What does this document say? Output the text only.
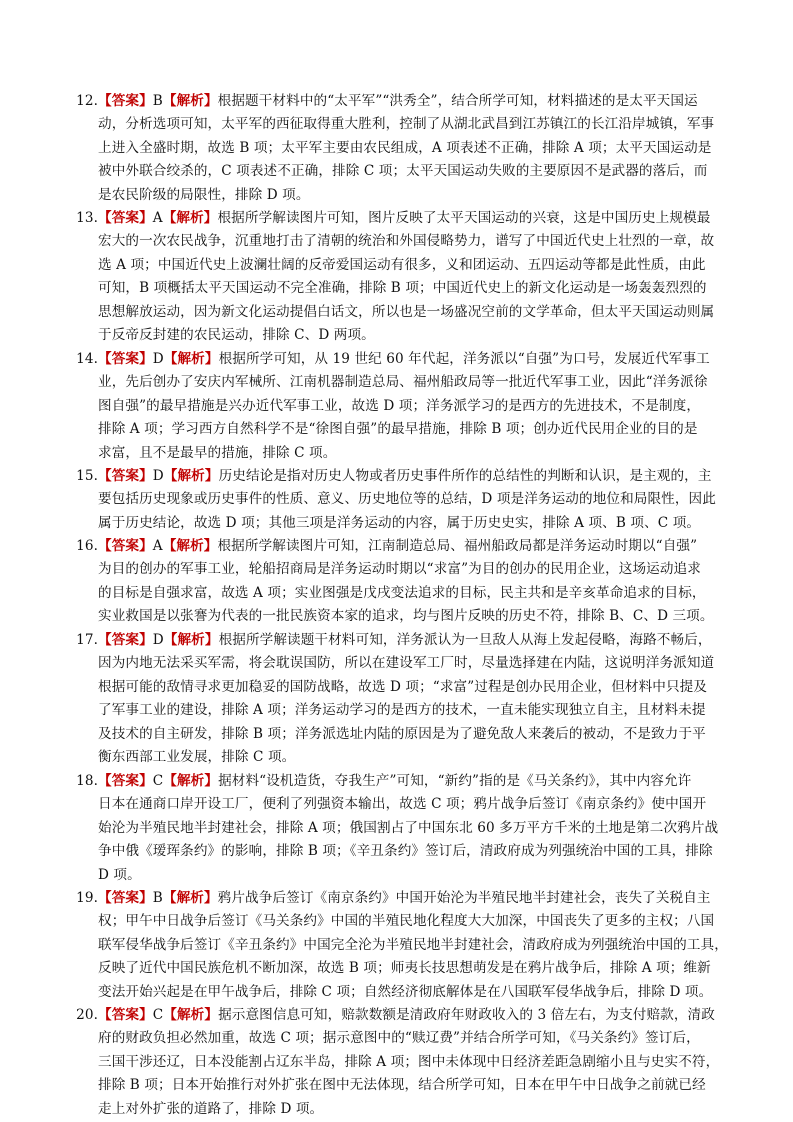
12. 【答案】B【解析】根据题干材料中的“太平军”“洪秀全”，结合所学可知，材料描述的是太平天国运
动，分析选项可知，太平军的西征取得重大胜利，控制了从湖北武昌到江苏镇江的长江沿岸城镇，军事
上进入全盛时期，故选 B 项；太平军主要由农民组成，A 项表述不正确，排除 A 项；太平天国运动是
被中外联合绞杀的，C 项表述不正确，排除 C 项；太平天国运动失败的主要原因不是武器的落后，而
是农民阶级的局限性，排除 D 项。
13. 【答案】A【解析】根据所学解读图片可知，图片反映了太平天国运动的兴衰，这是中国历史上规模最
宏大的一次农民战争，沉重地打击了清朝的统治和外国侵略势力，谱写了中国近代史上壮烈的一章，故
选 A 项；中国近代史上波澜壮阔的反帝爱国运动有很多，义和团运动、五四运动等都是此性质，由此
可知，B 项概括太平天国运动不完全准确，排除 B 项；中国近代史上的新文化运动是一场轰轰烈烈的
思想解放运动，因为新文化运动提倡白话文，所以也是一场盛况空前的文学革命，但太平天国运动则属
于反帝反封建的农民运动，排除 C、D 两项。
14. 【答案】D【解析】根据所学可知，从 19 世纪 60 年代起，洋务派以“自强”为口号，发展近代军事工
业，先后创办了安庆内军械所、江南机器制造总局、福州船政局等一批近代军事工业，因此“洋务派徐
图自强”的最早措施是兴办近代军事工业，故选 D 项；洋务派学习的是西方的先进技术，不是制度，
排除 A 项；学习西方自然科学不是“徐图自强”的最早措施，排除 B 项；创办近代民用企业的目的是
求富，且不是最早的措施，排除 C 项。
15. 【答案】D【解析】历史结论是指对历史人物或者历史事件所作的总结性的判断和认识，是主观的，主
要包括历史现象或历史事件的性质、意义、历史地位等的总结，D 项是洋务运动的地位和局限性，因此
属于历史结论，故选 D 项；其他三项是洋务运动的内容，属于历史史实，排除 A 项、B 项、C 项。
16. 【答案】A【解析】根据所学解读图片可知，江南制造总局、福州船政局都是洋务运动时期以“自强”
为目的创办的军事工业，轮船招商局是洋务运动时期以“求富”为目的创办的民用企业，这场运动追求
的目标是自强求富，故选 A 项；实业图强是戊戌变法追求的目标，民主共和是辛亥革命追求的目标，
实业救国是以张謇为代表的一批民族资本家的追求，均与图片反映的历史不符，排除 B、C、D 三项。
17. 【答案】D【解析】根据所学解读题干材料可知，洋务派认为一旦敌人从海上发起侵略，海路不畅后，
因为内地无法采买军需，将会耽误国防，所以在建设军工厂时，尽量选择建在内陆，这说明洋务派知道
根据可能的敌情寻求更加稳妥的国防战略，故选 D 项；“求富”过程是创办民用企业，但材料中只提及
了军事工业的建设，排除 A 项；洋务运动学习的是西方的技术，一直未能实现独立自主，且材料未提
及技术的自主研发，排除 B 项；洋务派选址内陆的原因是为了避免敌人来袭后的被动，不是致力于平
衡东西部工业发展，排除 C 项。
18. 【答案】C【解析】据材料“设机造货，夺我生产”可知，“新约”指的是《马关条约》，其中内容允许
日本在通商口岸开设工厂，便利了列强资本输出，故选 C 项；鸦片战争后签订《南京条约》使中国开
始沦为半殖民地半封建社会，排除 A 项；俄国割占了中国东北 60 多万平方千米的土地是第二次鸦片战
争中俄《瑷珲条约》的影响，排除 B 项；《辛丑条约》签订后，清政府成为列强统治中国的工具，排除
D 项。
19. 【答案】B【解析】鸦片战争后签订《南京条约》中国开始沦为半殖民地半封建社会，丧失了关税自主
权；甲午中日战争后签订《马关条约》中国的半殖民地化程度大大加深，中国丧失了更多的主权；八国
联军侵华战争后签订《辛丑条约》中国完全沦为半殖民地半封建社会，清政府成为列强统治中国的工具，
反映了近代中国民族危机不断加深，故选 B 项；师夷长技思想萌发是在鸦片战争后，排除 A 项；维新
变法开始兴起是在甲午战争后，排除 C 项；自然经济彻底解体是在八国联军侵华战争后，排除 D 项。
20. 【答案】C【解析】据示意图信息可知，赔款数额是清政府年财政收入的 3 倍左右，为支付赔款，清政
府的财政负担必然加重，故选 C 项；据示意图中的“赎辽费”并结合所学可知，《马关条约》签订后，
三国干涉还辽，日本没能割占辽东半岛，排除 A 项；图中未体现中日经济差距急剧缩小且与史实不符，
排除 B 项；日本开始推行对外扩张在图中无法体现，结合所学可知，日本在甲午中日战争之前就已经
走上对外扩张的道路了，排除 D 项。
